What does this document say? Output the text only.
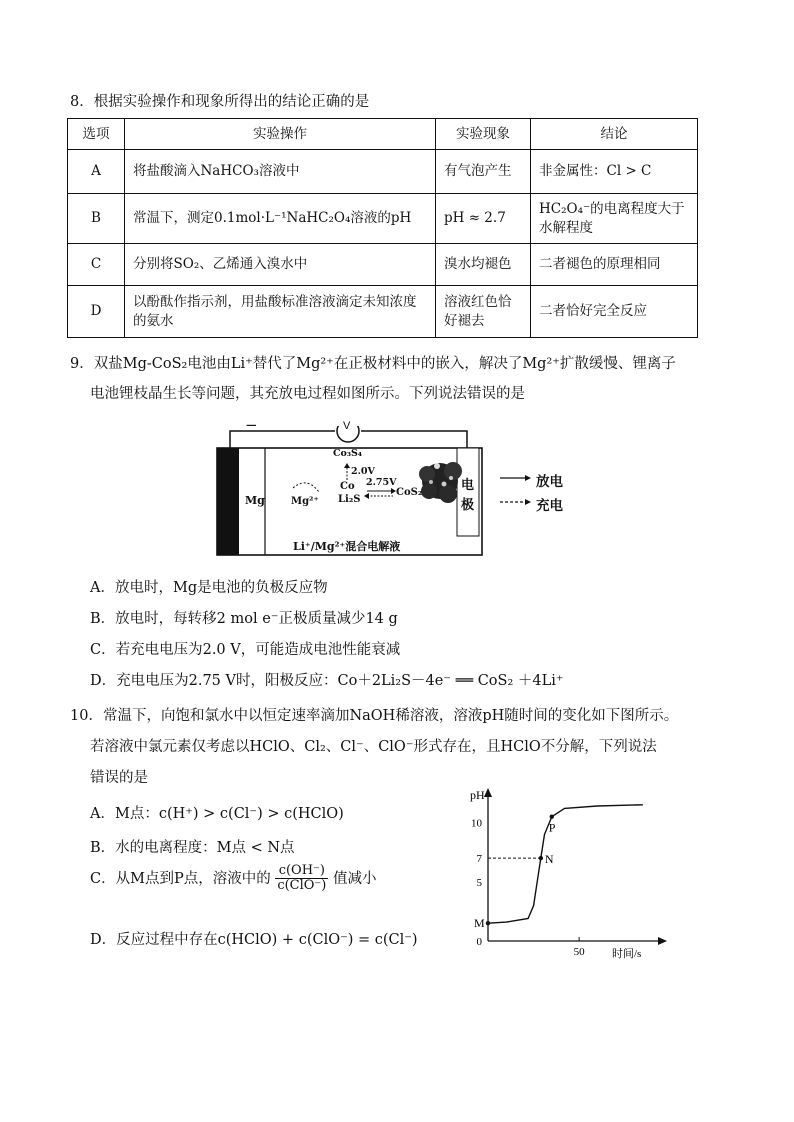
8．根据实验操作和现象所得出的结论正确的是
选项	实验操作	实验现象	结论
A	将盐酸滴入NaHCO₃溶液中	有气泡产生	非金属性：Cl > C
B	常温下，测定0.1mol·L⁻¹NaHC₂O₄溶液的pH	pH ≈ 2.7	HC₂O₄⁻的电离程度大于水解程度
C	分别将SO₂、乙烯通入溴水中	溴水均褪色	二者褪色的原理相同
D	以酚酞作指示剂，用盐酸标准溶液滴定未知浓度的氨水	溶液红色恰好褪去	二者恰好完全反应
9．双盐Mg-CoS₂电池由Li⁺替代了Mg²⁺在正极材料中的嵌入，解决了Mg²⁺扩散缓慢、锂离子
电池锂枝晶生长等问题，其充放电过程如图所示。下列说法错误的是
−	V
Co₃S₄
2.0V
Co
Li₂S
2.75V
CoS₂
Mg	Mg²⁺
电
极
Li⁺/Mg²⁺混合电解液
放电
充电
A．放电时，Mg是电池的负极反应物
B．放电时，每转移2 mol e⁻正极质量减少14 g
C．若充电电压为2.0 V，可能造成电池性能衰减
D．充电电压为2.75 V时，阳极反应：Co＋2Li₂S－4e⁻ ══ CoS₂ ＋4Li⁺
10．常温下，向饱和氯水中以恒定速率滴加NaOH稀溶液，溶液pH随时间的变化如下图所示。
若溶液中氯元素仅考虑以HClO、Cl₂、Cl⁻、ClO⁻形式存在，且HClO不分解，下列说法
错误的是
A．M点：c(H⁺) > c(Cl⁻) > c(HClO)
B．水的电离程度：M点 < N点
C．从M点到P点，溶液中的 $\frac{c(OH^-)}{\text{c(ClO⁻)}}$ 值减小
D．反应过程中存在c(HClO) + c(ClO⁻) = c(Cl⁻)
pH
时间/s
0
5
7
10
50
M
N
P
